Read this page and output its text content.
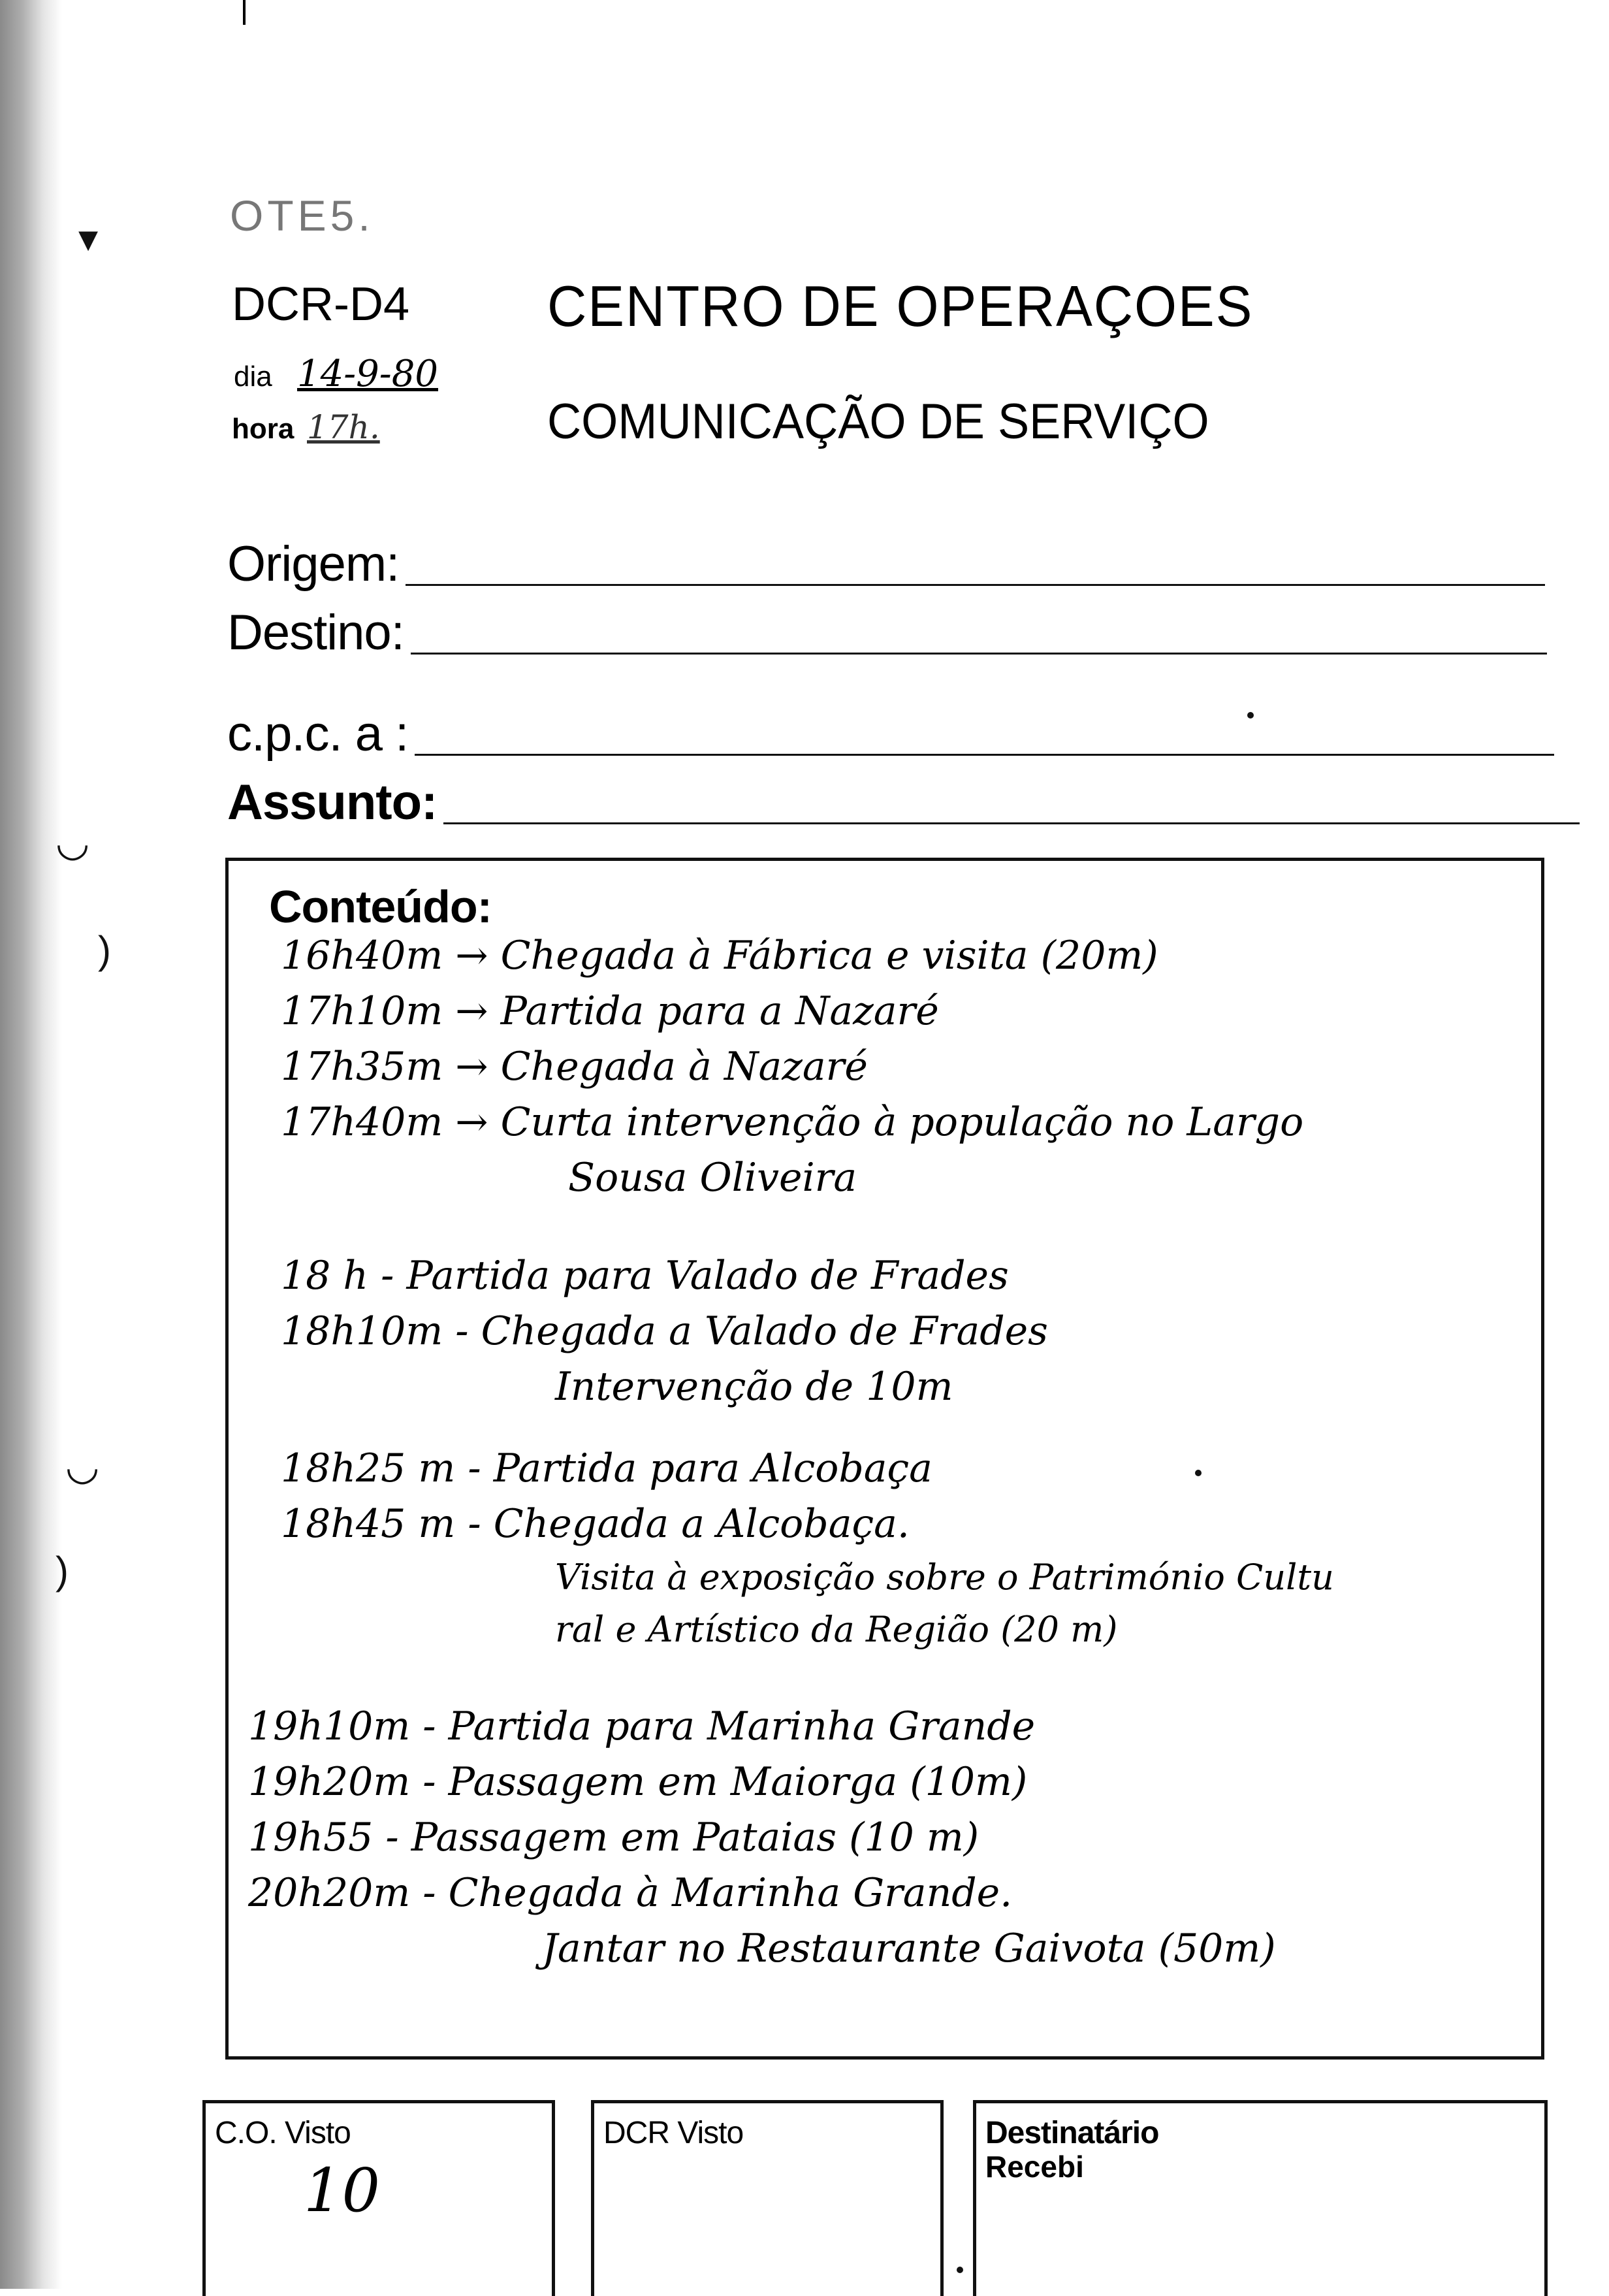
▾
◡
)
◡
)
OTE5.
DCR-D4
dia 14-9-80
hora 17h.
CENTRO DE OPERAÇOES
COMUNICAÇÃO DE SERVIÇO
Origem:
Destino:
c.p.c. a :
Assunto:
Conteúdo:
16h40m → Chegada à Fábrica e visita (20m)
17h10m → Partida para a Nazaré
17h35m → Chegada à Nazaré
17h40m → Curta intervenção à população no Largo
Sousa Oliveira
18 h - Partida para Valado de Frades
18h10m - Chegada a Valado de Frades
Intervenção de 10m
18h25 m - Partida para Alcobaça
18h45 m - Chegada a Alcobaça.
Visita à exposição sobre o Património Cultu
ral e Artístico da Região (20 m)
19h10m - Partida para Marinha Grande
19h20m - Passagem em Maiorga (10m)
19h55 - Passagem em Pataias (10 m)
20h20m - Chegada à Marinha Grande.
Jantar no Restaurante Gaivota (50m)
C.O. Visto
10
DCR Visto	Destinatário
Recebi
